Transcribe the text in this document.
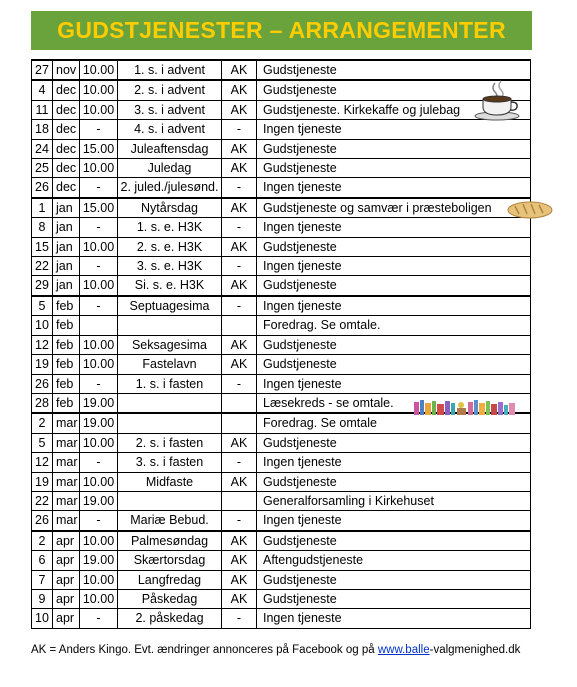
GUDSTJENESTER – ARRANGEMENTER
27	nov	10.00	1. s. i advent	AK	Gudstjeneste
4	dec	10.00	2. s. i advent	AK	Gudstjeneste
11	dec	10.00	3. s. i advent	AK	Gudstjeneste. Kirkekaffe og julebag
18	dec	-	4. s. i advent	-	Ingen tjeneste
24	dec	15.00	Juleaftensdag	AK	Gudstjeneste
25	dec	10.00	Juledag	AK	Gudstjeneste
26	dec	-	2. juled./julesønd.	-	Ingen tjeneste
1	jan	15.00	Nytårsdag	AK	Gudstjeneste og samvær i præsteboligen
8	jan	-	1. s. e. H3K	-	Ingen tjeneste
15	jan	10.00	2. s. e. H3K	AK	Gudstjeneste
22	jan	-	3. s. e. H3K	-	Ingen tjeneste
29	jan	10.00	Si. s. e. H3K	AK	Gudstjeneste
5	feb	-	Septuagesima	-	Ingen tjeneste
10	feb				Foredrag. Se omtale.
12	feb	10.00	Seksagesima	AK	Gudstjeneste
19	feb	10.00	Fastelavn	AK	Gudstjeneste
26	feb	-	1. s. i fasten	-	Ingen tjeneste
28	feb	19.00			Læsekreds - se omtale.
2	mar	19.00			Foredrag. Se omtale
5	mar	10.00	2. s. i fasten	AK	Gudstjeneste
12	mar	-	3. s. i fasten	-	Ingen tjeneste
19	mar	10.00	Midfaste	AK	Gudstjeneste
22	mar	19.00			Generalforsamling i Kirkehuset
26	mar	-	Mariæ Bebud.	-	Ingen tjeneste
2	apr	10.00	Palmesøndag	AK	Gudstjeneste
6	apr	19.00	Skærtorsdag	AK	Aftengudstjeneste
7	apr	10.00	Langfredag	AK	Gudstjeneste
9	apr	10.00	Påskedag	AK	Gudstjeneste
10	apr	-	2. påskedag	-	Ingen tjeneste
AK = Anders Kingo. Evt. ændringer annonceres på Facebook og på www.balle-valgmenighed.dk
